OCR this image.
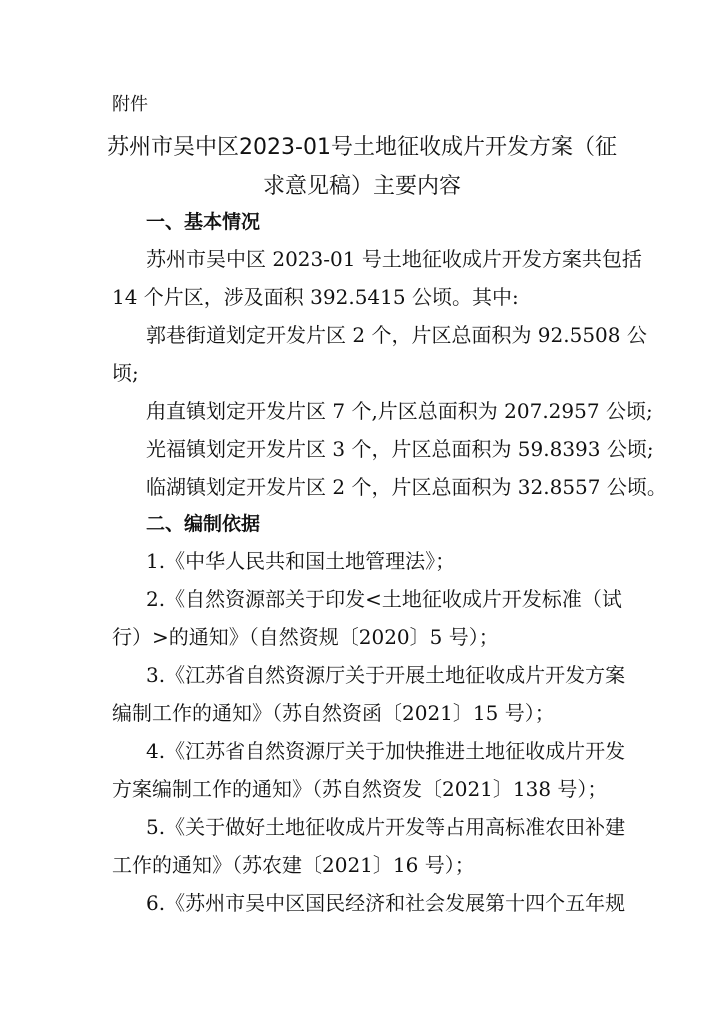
附件
苏州市吴中区2023-01号土地征收成片开发方案（征
求意见稿）主要内容
一、基本情况
苏州市吴中区 2023-01 号土地征收成片开发方案共包括
14 个片区，涉及面积 392.5415 公顷。其中:
郭巷街道划定开发片区 2 个，片区总面积为 92.5508 公
顷;
甪直镇划定开发片区 7 个,片区总面积为 207.2957 公顷;
光福镇划定开发片区 3 个，片区总面积为 59.8393 公顷;
临湖镇划定开发片区 2 个，片区总面积为 32.8557 公顷。
二、编制依据
1.《中华人民共和国土地管理法》；
2.《自然资源部关于印发<土地征收成片开发标准（试
行）>的通知》（自然资规〔2020〕5 号）；
3.《江苏省自然资源厅关于开展土地征收成片开发方案
编制工作的通知》（苏自然资函〔2021〕15 号）；
4.《江苏省自然资源厅关于加快推进土地征收成片开发
方案编制工作的通知》（苏自然资发〔2021〕138 号）；
5.《关于做好土地征收成片开发等占用高标准农田补建
工作的通知》（苏农建〔2021〕16 号）；
6.《苏州市吴中区国民经济和社会发展第十四个五年规
